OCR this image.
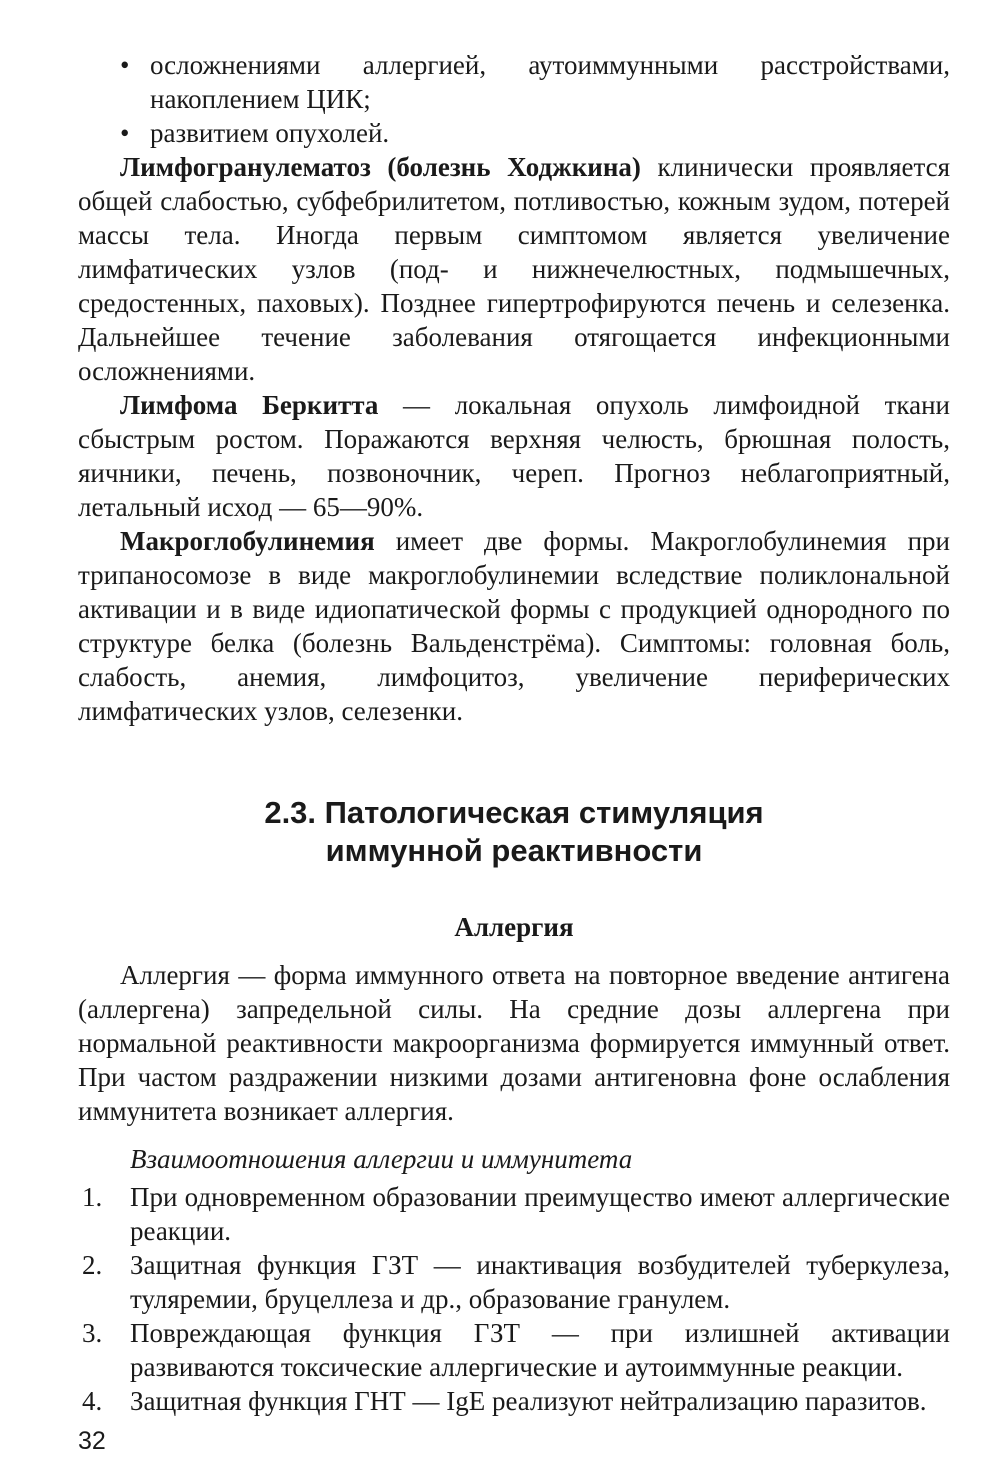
• осложнениями аллергией, аутоиммунными расстройствами, накоплением ЦИК;
• развитием опухолей.

Лимфогранулематоз (болезнь Ходжкина) клинически проявляется общей слабостью, субфебрилитетом, потливостью, кожным зудом, потерей массы тела. Иногда первым симптомом является увеличение лимфатических узлов (под- и нижнечелюстных, подмышечных, средостенных, паховых). Позднее гипертрофируются печень и селезенка. Дальнейшее течение заболевания отягощается инфекционными осложнениями.

Лимфома Беркитта — локальная опухоль лимфоидной ткани сбыстрым ростом. Поражаются верхняя челюсть, брюшная полость, яичники, печень, позвоночник, череп. Прогноз неблагоприятный, летальный исход — 65—90%.

Макроглобулинемия имеет две формы. Макроглобулинемия при трипаносомозе в виде макроглобулинемии вследствие поликлональной активации и в виде идиопатической формы с продукцией однородного по структуре белка (болезнь Вальденстрёма). Симптомы: головная боль, слабость, анемия, лимфоцитоз, увеличение периферических лимфатических узлов, селезенки.

2.3. Патологическая стимуляция
иммунной реактивности
Аллергия

Аллергия — форма иммунного ответа на повторное введение антигена (аллергена) запредельной силы. На средние дозы аллергена при нормальной реактивности макроорганизма формируется иммунный ответ. При частом раздражении низкими дозами антигеновна фоне ослабления иммунитета возникает аллергия.

Взаимоотношения аллергии и иммунитета
1. При одновременном образовании преимущество имеют аллергические реакции.
2. Защитная функция ГЗТ — инактивация возбудителей туберкулеза, туляремии, бруцеллеза и др., образование гранулем.
3. Повреждающая функция ГЗТ — при излишней активации развиваются токсические аллергические и аутоиммунные реакции.
4. Защитная функция ГНТ — IgE реализуют нейтрализацию паразитов.
32
